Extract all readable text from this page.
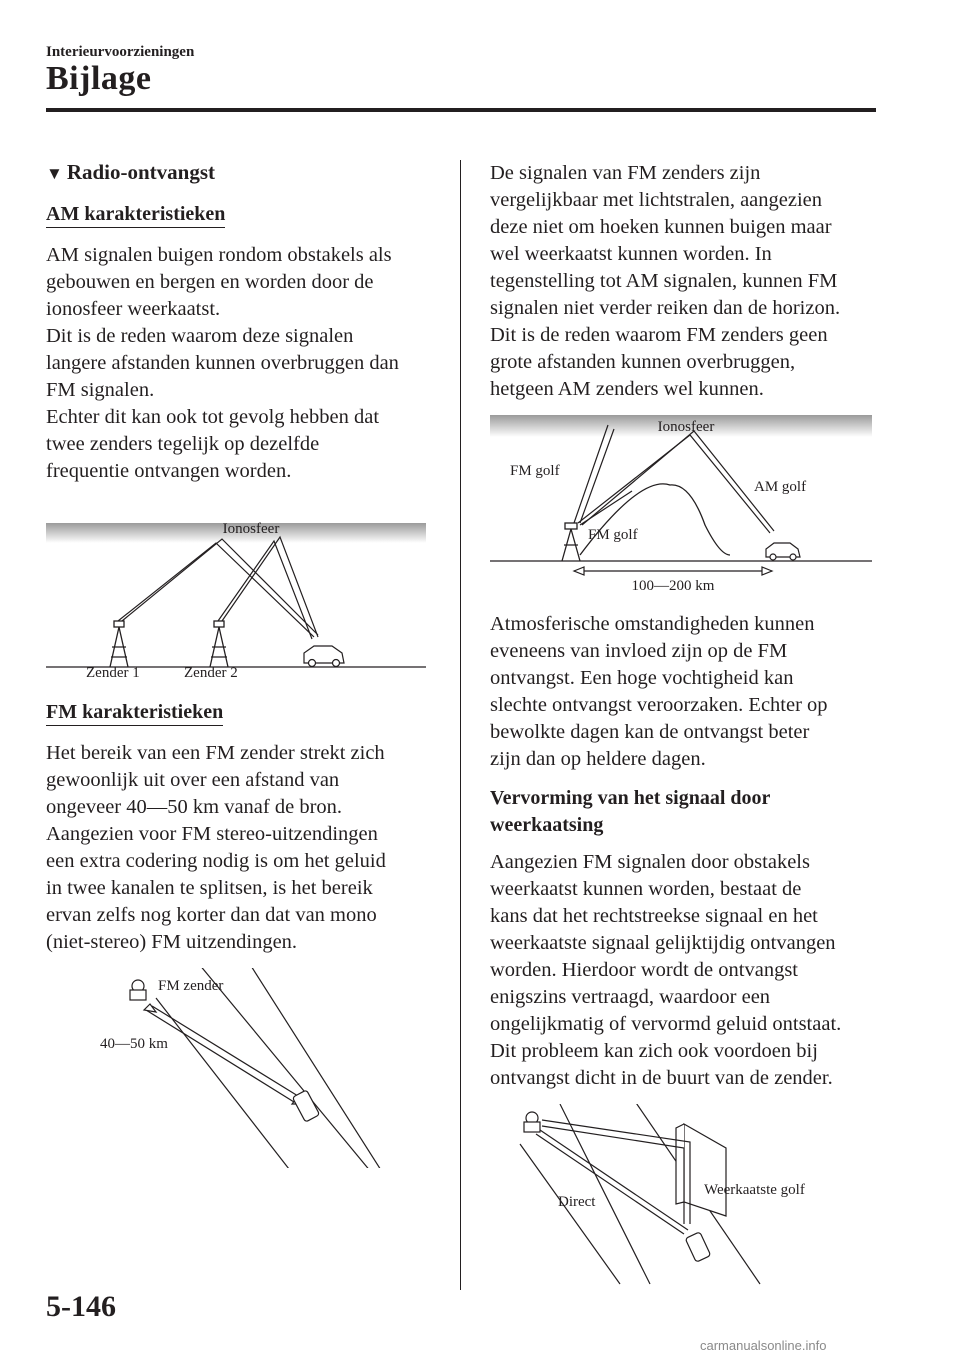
Interieurvoorzieningen
Bijlage
▼ Radio-ontvangst
AM karakteristieken

AM signalen buigen rondom obstakels als
gebouwen en bergen en worden door de
ionosfeer weerkaatst.
Dit is de reden waarom deze signalen
langere afstanden kunnen overbruggen dan
FM signalen.
Echter dit kan ook tot gevolg hebben dat
twee zenders tegelijk op dezelfde
frequentie ontvangen worden.

Ionosfeer
Zender 1	Zender 2
FM karakteristieken

Het bereik van een FM zender strekt zich
gewoonlijk uit over een afstand van
ongeveer 40―50 km vanaf de bron.
Aangezien voor FM stereo-uitzendingen
een extra codering nodig is om het geluid
in twee kanalen te splitsen, is het bereik
ervan zelfs nog korter dan dat van mono
(niet-stereo) FM uitzendingen.

FM zender
40―50 km

De signalen van FM zenders zijn
vergelijkbaar met lichtstralen, aangezien
deze niet om hoeken kunnen buigen maar
wel weerkaatst kunnen worden. In
tegenstelling tot AM signalen, kunnen FM
signalen niet verder reiken dan de horizon.
Dit is de reden waarom FM zenders geen
grote afstanden kunnen overbruggen,
hetgeen AM zenders wel kunnen.

Ionosfeer
FM golf
AM golf
FM golf
100―200 km

Atmosferische omstandigheden kunnen
eveneens van invloed zijn op de FM
ontvangst. Een hoge vochtigheid kan
slechte ontvangst veroorzaken. Echter op
bewolkte dagen kan de ontvangst beter
zijn dan op heldere dagen.

Vervorming van het signaal door
weerkaatsing

Aangezien FM signalen door obstakels
weerkaatst kunnen worden, bestaat de
kans dat het rechtstreekse signaal en het
weerkaatste signaal gelijktijdig ontvangen
worden. Hierdoor wordt de ontvangst
enigszins vertraagd, waardoor een
ongelijkmatig of vervormd geluid ontstaat.
Dit probleem kan zich ook voordoen bij
ontvangst dicht in de buurt van de zender.

Direct
Weerkaatste golf
5-146
carmanualsonline.info
